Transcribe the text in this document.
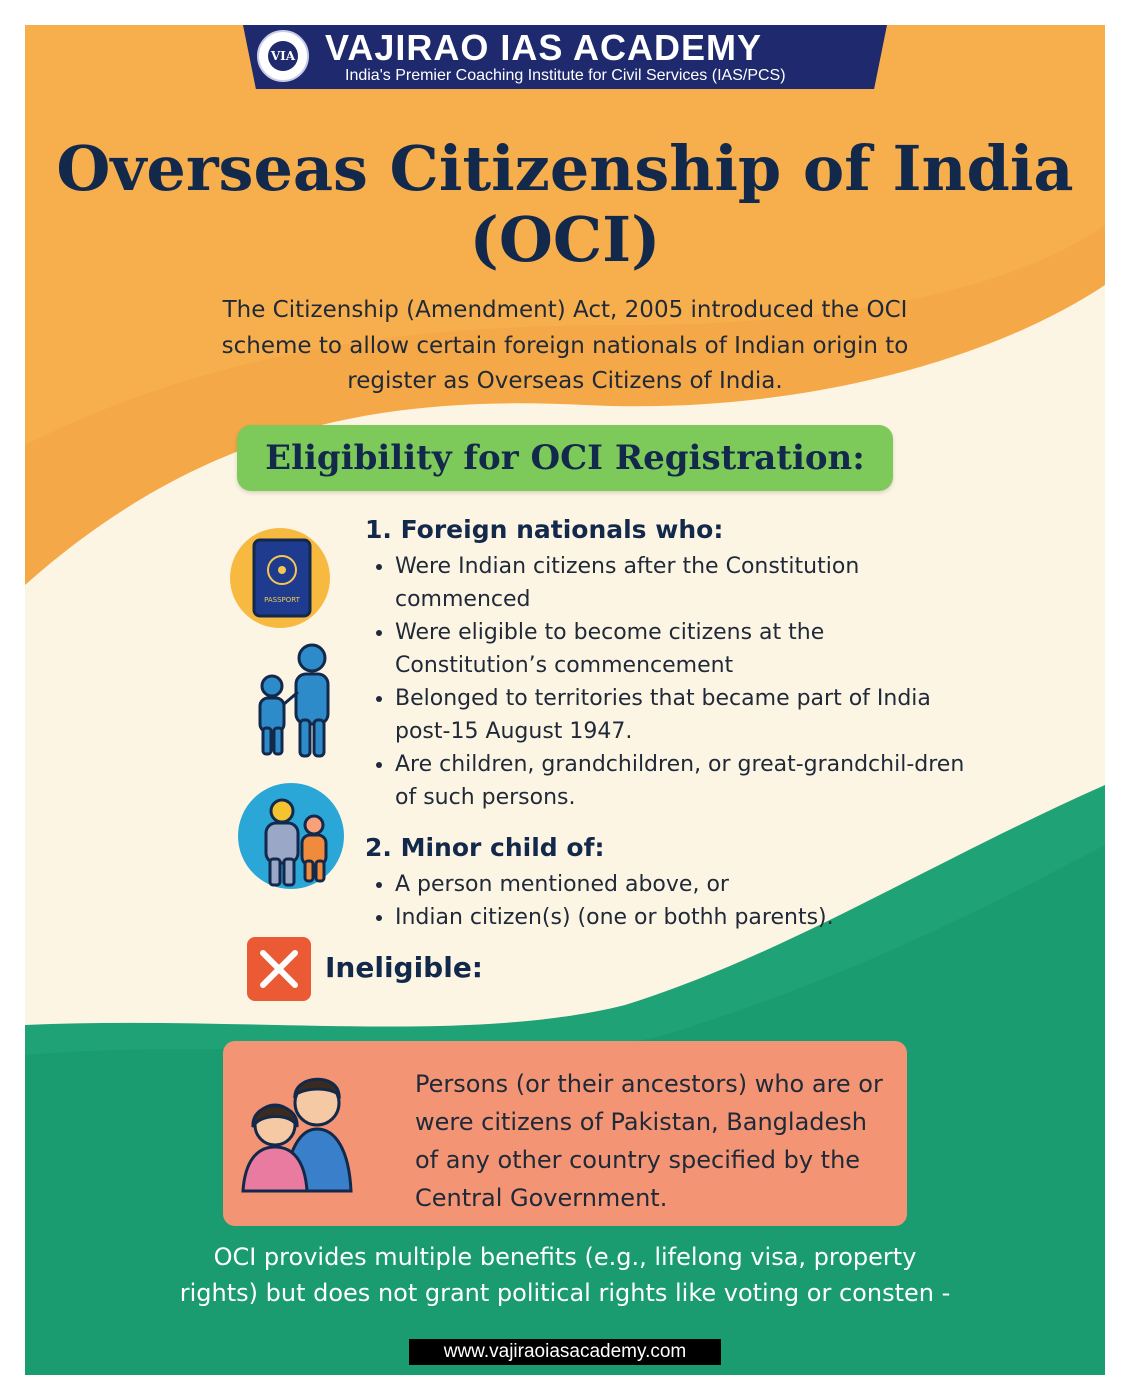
VIA VAJIRAO IAS ACADEMY
India's Premier Coaching Institute for Civil Services (IAS/PCS)
Overseas Citizenship of India (OCI)
The Citizenship (Amendment) Act, 2005 introduced the OCI scheme to allow certain foreign nationals of Indian origin to register as Overseas Citizens of India.
Eligibility for OCI Registration:
PASSPORT
1. Foreign nationals who:
• Were Indian citizens after the Constitution commenced
• Were eligible to become citizens at the Constitution’s commencement
• Belonged to territories that became part of India post-15 August 1947.
• Are children, grandchildren, or great-grandchil-dren of such persons.
2. Minor child of:
• A person mentioned above, or
• Indian citizen(s) (one or bothh parents).
Ineligible:
Persons (or their ancestors) who are or were citizens of Pakistan, Bangladesh of any other country specified by the Central Government.
OCI provides multiple benefits (e.g., lifelong visa, property rights) but does not grant political rights like voting or consten -
www.vajiraoiasacademy.com
